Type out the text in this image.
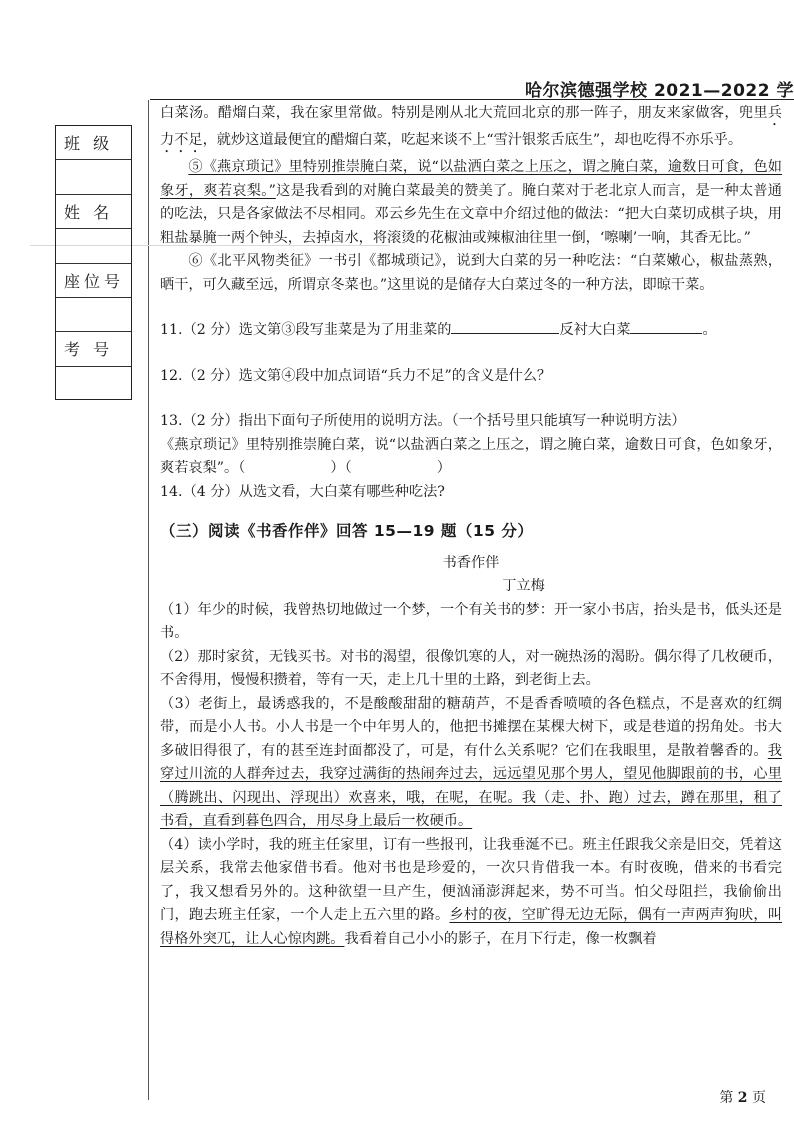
哈尔滨德强学校 2021—2022 学
班 级
姓 名
座位号
考 号

白菜汤。醋熘白菜，我在家里常做。特别是刚从北大荒回北京的那一阵子，朋友来家做客，兜里兵力不足，就炒这道最便宜的醋熘白菜，吃起来谈不上“雪汁银浆舌底生”，却也吃得不亦乐乎。

⑤《燕京琐记》里特别推崇腌白菜，说“以盐洒白菜之上压之，谓之腌白菜，逾数日可食，色如象牙，爽若哀梨。”这是我看到的对腌白菜最美的赞美了。腌白菜对于老北京人而言，是一种太普通的吃法，只是各家做法不尽相同。邓云乡先生在文章中介绍过他的做法：“把大白菜切成棋子块，用粗盐暴腌一两个钟头，去掉卤水，将滚烫的花椒油或辣椒油往里一倒，‘嚓喇’一响，其香无比。”

⑥《北平风物类征》一书引《都城琐记》，说到大白菜的另一种吃法：“白菜嫩心，椒盐蒸熟，晒干，可久藏至远，所谓京冬菜也。”这里说的是储存大白菜过冬的一种方法，即晾干菜。

11.（2 分）选文第③段写韭菜是为了用韭菜的	反衬大白菜	。

12.（2 分）选文第④段中加点词语“兵力不足”的含义是什么？

13.（2 分）指出下面句子所使用的说明方法。（一个括号里只能填写一种说明方法）

《燕京琐记》里特别推崇腌白菜，说“以盐洒白菜之上压之，谓之腌白菜，逾数日可食，色如象牙，爽若哀梨”。（　　　　　　）（　　　　　　）

14.（4 分）从选文看，大白菜有哪些种吃法?

（三）阅读《书香作伴》回答 15—19 题（15 分）

书香作伴

丁立梅

（1）年少的时候，我曾热切地做过一个梦，一个有关书的梦：开一家小书店，抬头是书，低头还是书。

（2）那时家贫，无钱买书。对书的渴望，很像饥寒的人，对一碗热汤的渴盼。偶尔得了几枚硬币，不舍得用，慢慢积攒着，等有一天，走上几十里的土路，到老街上去。

（3）老街上，最诱惑我的，不是酸酸甜甜的糖葫芦，不是香香喷喷的各色糕点，不是喜欢的红绸带，而是小人书。小人书是一个中年男人的，他把书摊摆在某棵大树下，或是巷道的拐角处。书大多破旧得很了，有的甚至连封面都没了，可是，有什么关系呢？它们在我眼里，是散着馨香的。我穿过川流的人群奔过去，我穿过满街的热闹奔过去，远远望见那个男人，望见他脚跟前的书，心里（腾跳出、闪现出、浮现出）欢喜来，哦，在呢，在呢。我（走、扑、跑）过去，蹲在那里，租了书看，直看到暮色四合，用尽身上最后一枚硬币。

（4）读小学时，我的班主任家里，订有一些报刊，让我垂涎不已。班主任跟我父亲是旧交，凭着这层关系，我常去他家借书看。他对书也是珍爱的，一次只肯借我一本。有时夜晚，借来的书看完了，我又想看另外的。这种欲望一旦产生，便汹涌澎湃起来，势不可当。怕父母阻拦，我偷偷出门，跑去班主任家，一个人走上五六里的路。乡村的夜，空旷得无边无际，偶有一声两声狗吠，叫得格外突兀，让人心惊肉跳。我看着自己小小的影子，在月下行走，像一枚飘着

第 2 页
